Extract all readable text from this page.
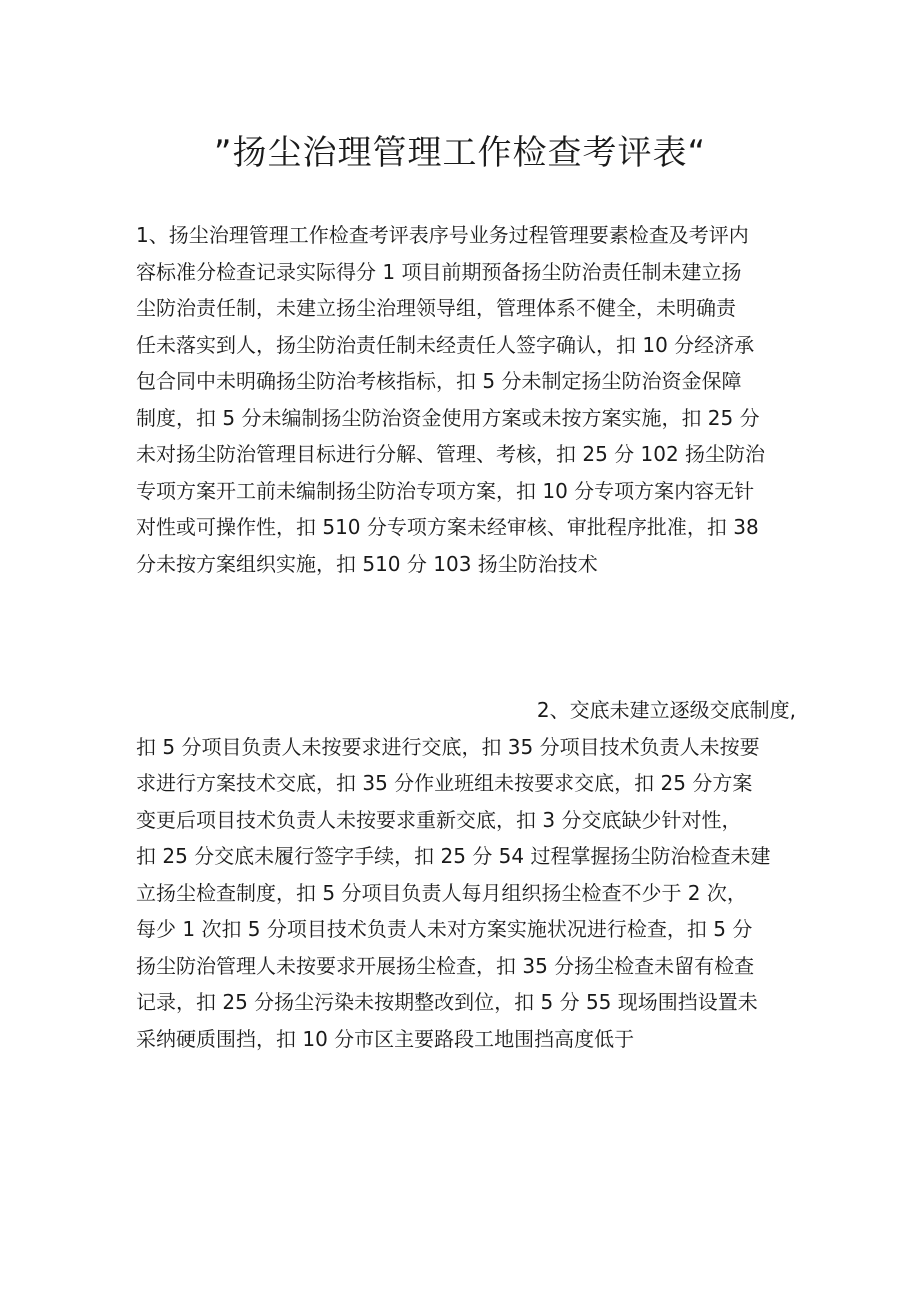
”扬尘治理管理工作检查考评表“
1、扬尘治理管理工作检查考评表序号业务过程管理要素检查及考评内
容标准分检查记录实际得分 1 项目前期预备扬尘防治责任制未建立扬
尘防治责任制，未建立扬尘治理领导组，管理体系不健全，未明确责
任未落实到人，扬尘防治责任制未经责任人签字确认，扣 10 分经济承
包合同中未明确扬尘防治考核指标，扣 5 分未制定扬尘防治资金保障
制度，扣 5 分未编制扬尘防治资金使用方案或未按方案实施，扣 25 分
未对扬尘防治管理目标进行分解、管理、考核，扣 25 分 102 扬尘防治
专项方案开工前未编制扬尘防治专项方案，扣 10 分专项方案内容无针
对性或可操作性，扣 510 分专项方案未经审核、审批程序批准，扣 38
分未按方案组织实施，扣 510 分 103 扬尘防治技术
2、交底未建立逐级交底制度,
扣 5 分项目负责人未按要求进行交底，扣 35 分项目技术负责人未按要
求进行方案技术交底，扣 35 分作业班组未按要求交底，扣 25 分方案
变更后项目技术负责人未按要求重新交底，扣 3 分交底缺少针对性，
扣 25 分交底未履行签字手续，扣 25 分 54 过程掌握扬尘防治检查未建
立扬尘检查制度，扣 5 分项目负责人每月组织扬尘检查不少于 2 次，
每少 1 次扣 5 分项目技术负责人未对方案实施状况进行检查，扣 5 分
扬尘防治管理人未按要求开展扬尘检查，扣 35 分扬尘检查未留有检查
记录，扣 25 分扬尘污染未按期整改到位，扣 5 分 55 现场围挡设置未
采纳硬质围挡，扣 10 分市区主要路段工地围挡高度低于
